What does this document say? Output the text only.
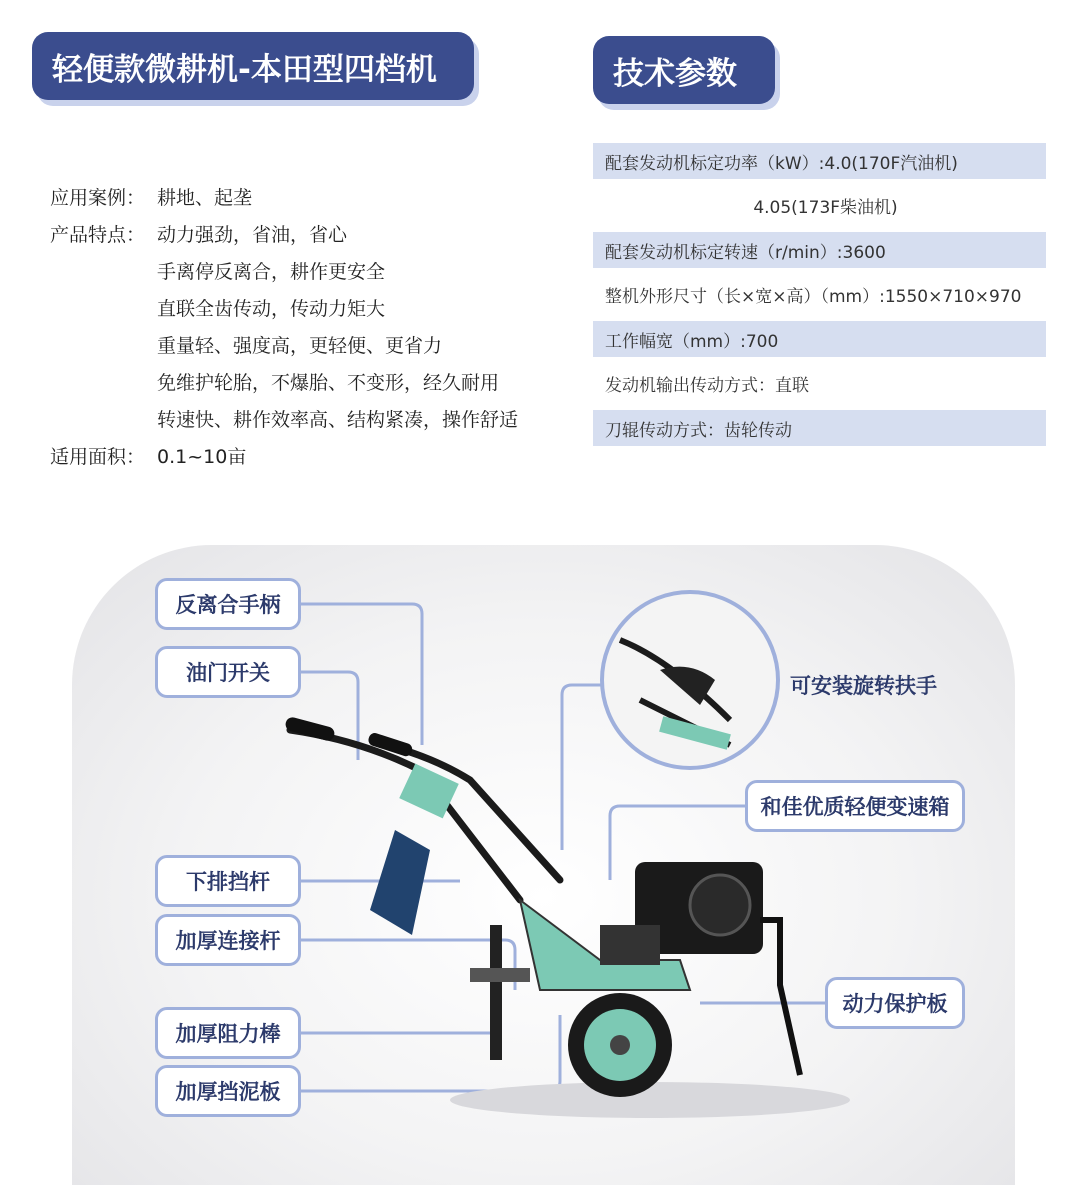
轻便款微耕机-本田型四档机	技术参数
应用案例： 耕地、起垄
产品特点： 动力强劲，省油，省心
手离停反离合，耕作更安全
直联全齿传动，传动力矩大
重量轻、强度高，更轻便、更省力
免维护轮胎，不爆胎、不变形，经久耐用
转速快、耕作效率高、结构紧凑，操作舒适
适用面积： 0.1~10亩
配套发动机标定功率（kW）:4.0(170F汽油机)
4.05(173F柴油机)
配套发动机标定转速（r/min）:3600
整机外形尺寸（长×宽×高）（mm）:1550×710×970
工作幅宽（mm）:700
发动机输出传动方式：直联
刀辊传动方式：齿轮传动
反离合手柄
油门开关
可安装旋转扶手
和佳优质轻便变速箱
下排挡杆
加厚连接杆
加厚阻力棒
加厚挡泥板
动力保护板
